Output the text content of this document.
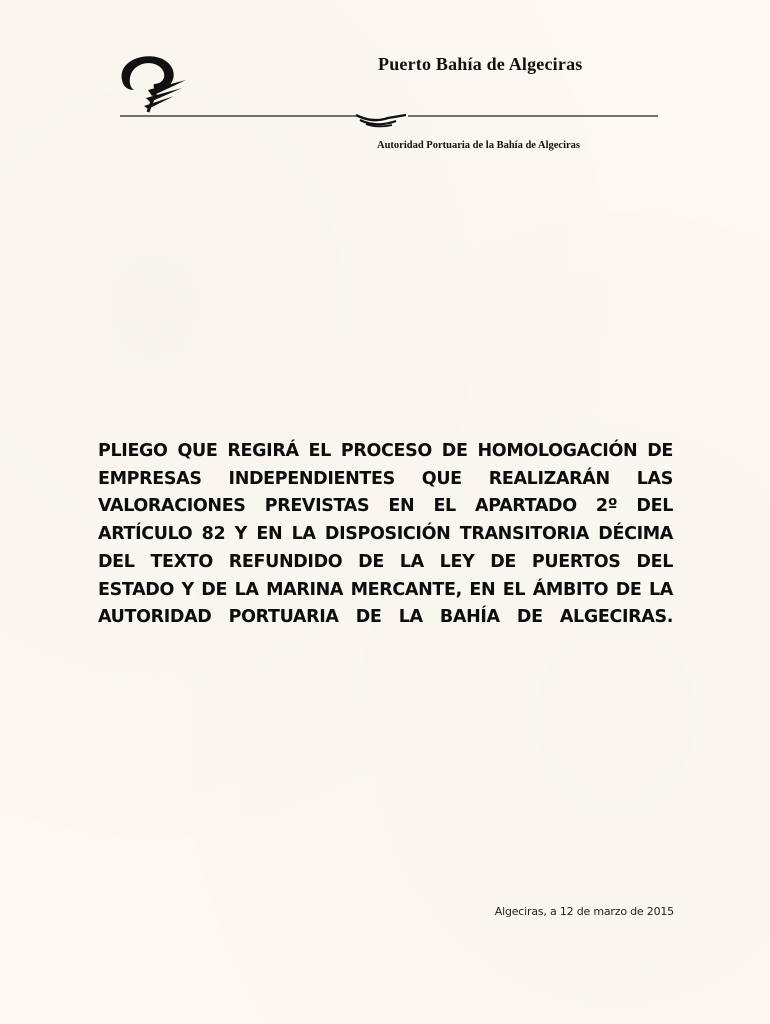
Puerto Bahía de Algeciras
Autoridad Portuaria de la Bahía de Algeciras
PLIEGO QUE REGIRÁ EL PROCESO DE HOMOLOGACIÓN DE
EMPRESAS INDEPENDIENTES QUE REALIZARÁN LAS
VALORACIONES PREVISTAS EN EL APARTADO 2º DEL
ARTÍCULO 82 Y EN LA DISPOSICIÓN TRANSITORIA DÉCIMA
DEL TEXTO REFUNDIDO DE LA LEY DE PUERTOS DEL
ESTADO Y DE LA MARINA MERCANTE, EN EL ÁMBITO DE LA
AUTORIDAD PORTUARIA DE LA BAHÍA DE ALGECIRAS.
Algeciras, a 12 de marzo de 2015
